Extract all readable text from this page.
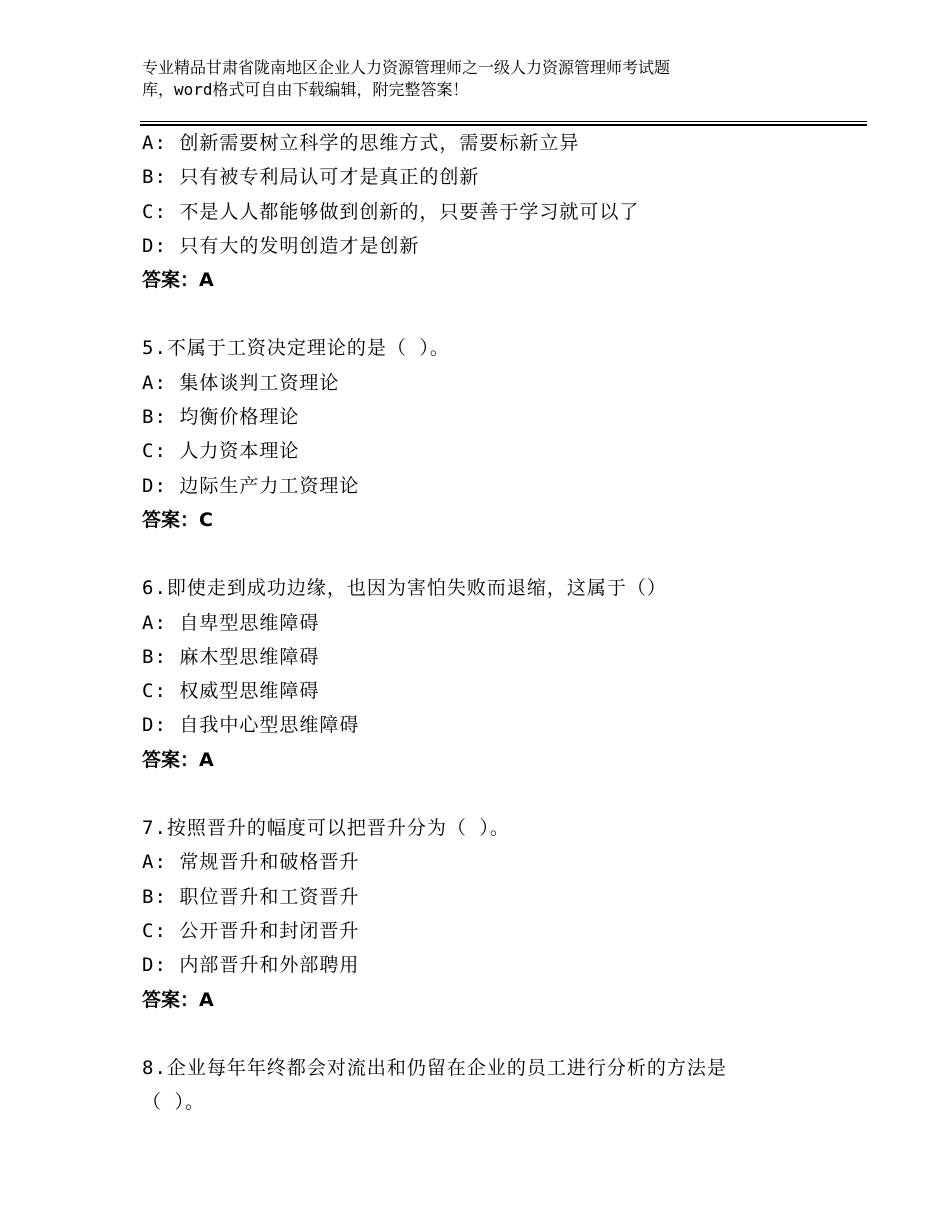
专业精品甘肃省陇南地区企业人力资源管理师之一级人力资源管理师考试题
库，word格式可自由下载编辑，附完整答案！
A: 创新需要树立科学的思维方式，需要标新立异
B: 只有被专利局认可才是真正的创新
C: 不是人人都能够做到创新的，只要善于学习就可以了
D: 只有大的发明创造才是创新
答案：A
5.不属于工资决定理论的是（ ）。
A: 集体谈判工资理论
B: 均衡价格理论
C: 人力资本理论
D: 边际生产力工资理论
答案：C
6.即使走到成功边缘，也因为害怕失败而退缩，这属于（）
A: 自卑型思维障碍
B: 麻木型思维障碍
C: 权威型思维障碍
D: 自我中心型思维障碍
答案：A
7.按照晋升的幅度可以把晋升分为（ ）。
A: 常规晋升和破格晋升
B: 职位晋升和工资晋升
C: 公开晋升和封闭晋升
D: 内部晋升和外部聘用
答案：A
8.企业每年年终都会对流出和仍留在企业的员工进行分析的方法是
（ ）。
